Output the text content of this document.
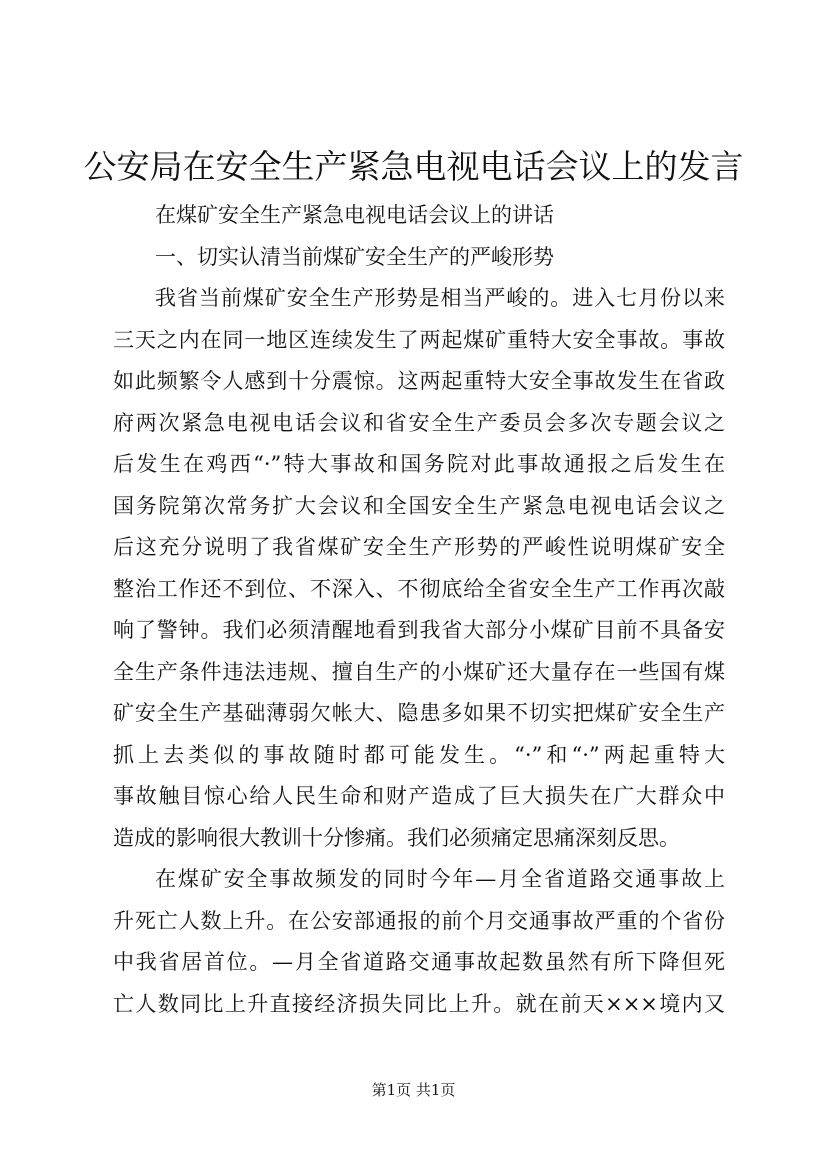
公安局在安全生产紧急电视电话会议上的发言
在煤矿安全生产紧急电视电话会议上的讲话
一、切实认清当前煤矿安全生产的严峻形势
我省当前煤矿安全生产形势是相当严峻的。进入七月份以来
三天之内在同一地区连续发生了两起煤矿重特大安全事故。事故
如此频繁令人感到十分震惊。这两起重特大安全事故发生在省政
府两次紧急电视电话会议和省安全生产委员会多次专题会议之
后发生在鸡西“·”特大事故和国务院对此事故通报之后发生在
国务院第次常务扩大会议和全国安全生产紧急电视电话会议之
后这充分说明了我省煤矿安全生产形势的严峻性说明煤矿安全
整治工作还不到位、不深入、不彻底给全省安全生产工作再次敲
响了警钟。我们必须清醒地看到我省大部分小煤矿目前不具备安
全生产条件违法违规、擅自生产的小煤矿还大量存在一些国有煤
矿安全生产基础薄弱欠帐大、隐患多如果不切实把煤矿安全生产
抓上去类似的事故随时都可能发生。“·”和“·”两起重特大
事故触目惊心给人民生命和财产造成了巨大损失在广大群众中
造成的影响很大教训十分惨痛。我们必须痛定思痛深刻反思。
在煤矿安全事故频发的同时今年—月全省道路交通事故上
升死亡人数上升。在公安部通报的前个月交通事故严重的个省份
中我省居首位。—月全省道路交通事故起数虽然有所下降但死
亡人数同比上升直接经济损失同比上升。就在前天×××境内又
第1页 共1页
